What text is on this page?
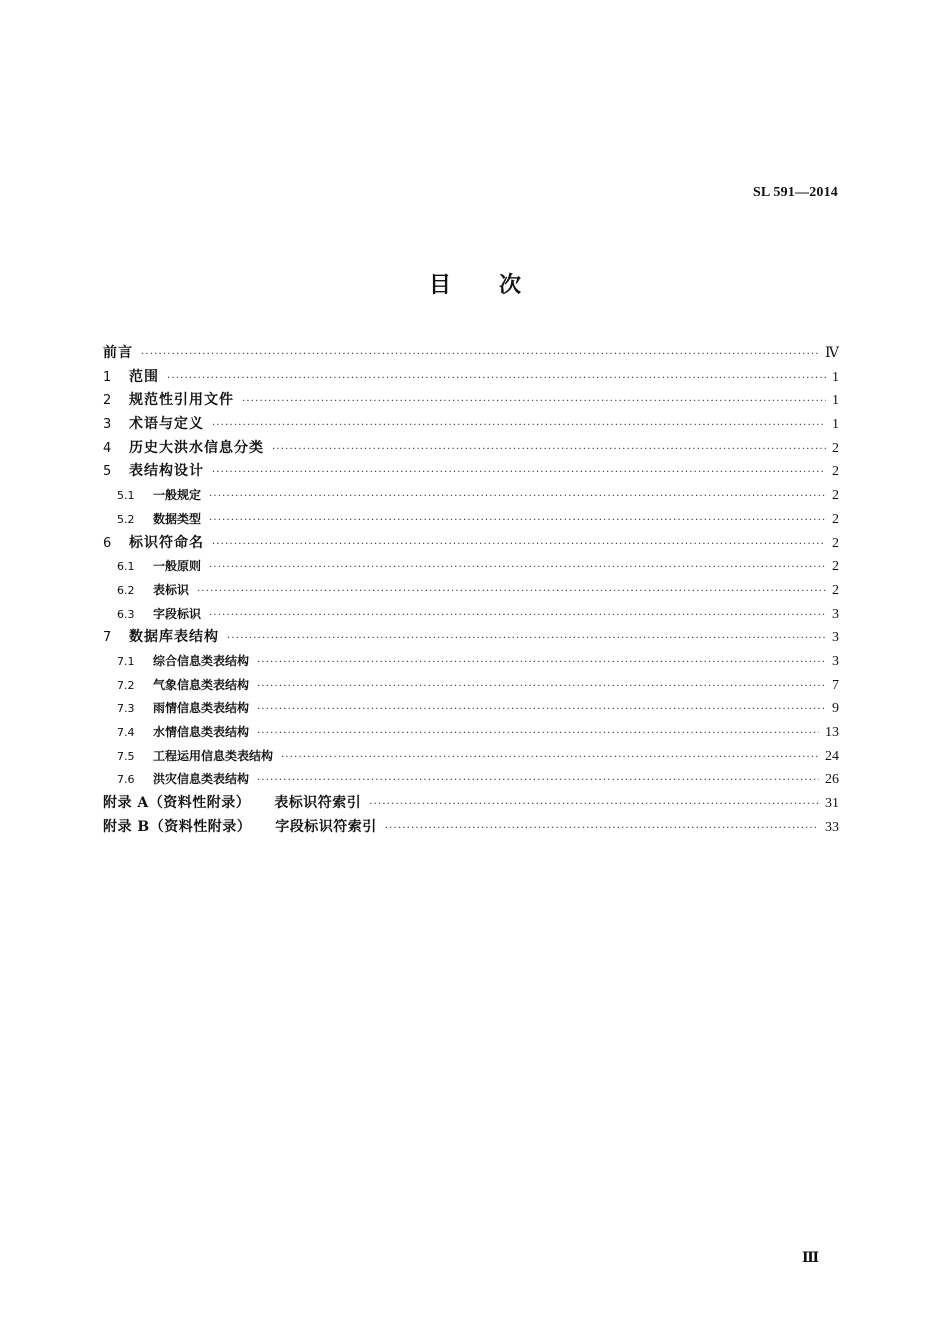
SL 591—2014
目 次
前言 ·····	Ⅳ
1	范围 ·····	1
2	规范性引用文件 ·····	1
3	术语与定义 ·····	1
4	历史大洪水信息分类 ·····	2
5	表结构设计 ·····	2
5.1	一般规定 ·····	2
5.2	数据类型 ·····	2
6	标识符命名 ·····	2
6.1	一般原则 ·····	2
6.2	表标识 ·····	2
6.3	字段标识 ·····	3
7	数据库表结构 ·····	3
7.1	综合信息类表结构 ·····	3
7.2	气象信息类表结构 ·····	7
7.3	雨情信息类表结构 ·····	9
7.4	水情信息类表结构 ·····	13
7.5	工程运用信息类表结构 ·····	24
7.6	洪灾信息类表结构 ·····	26
附录 A（资料性附录） 表标识符索引 ·····	31
附录 B（资料性附录） 字段标识符索引 ·····	33
Ⅲ
